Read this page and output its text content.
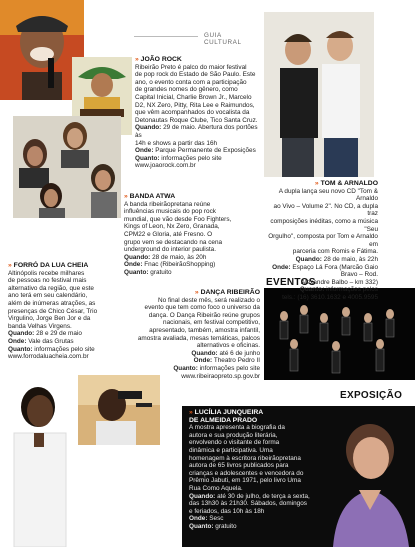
GUIA CULTURAL
» JOÃO ROCK
Ribeirão Preto é palco do maior festival
de pop rock do Estado de São Paulo. Este
ano, o evento conta com a participação
de grandes nomes do gênero, como
Capital Inicial, Charlie Brown Jr., Marcelo
D2, NX Zero, Pitty, Rita Lee e Raimundos,
que vêm acompanhados do vocalista da
Detonautas Roque Clube, Tico Santa Cruz.
Quando: 29 de maio. Abertura dos portões às
14h e shows a partir das 16h
Onde: Parque Permanente de Exposições
Quanto: informações pelo site
www.joaorock.com.br
» TOM & ARNALDO
A dupla lança seu novo CD "Tom & Arnaldo
ao Vivo – Volume 2". No CD, a dupla traz
composições inéditas, como a música "Seu
Orgulho", composta por Tom e Arnaldo em
parceria com Romis e Fátima.
Quando: 28 de maio, às 22h
Onde: Espaço Lá Fora (Marcão Gaio Bravo – Rod.
Alexandre Balbo – km 332)
Quanto: informações pelos
tels.: (16) 3610.1632 e 4005.9595
» BANDA ATWA
A banda ribeirãopretana reúne
influências musicais do pop rock
mundial, que vão desde Foo Fighters,
Kings of Leon, Nx Zero, Granada,
CPM22 e Gloria, até Fresno. O
grupo vem se destacando na cena
underground do interior paulista.
Quando: 28 de maio, às 20h
Onde: Fnac (RibeirãoShopping)
Quanto: gratuito
» FORRÓ DA LUA CHEIA
Altinópolis recebe milhares
de pessoas no festival mais
alternativo da região, que este
ano terá em seu calendário,
além de inúmeras atrações, as
presenças de Chico César, Trio
Virgulino, Jorge Ben Jor e da
banda Velhas Virgens.
Quando: 28 e 29 de maio
Onde: Vale das Grutas
Quanto: informações pelo site
www.forrodaluacheia.com.br
» DANÇA RIBEIRÃO
No final deste mês, será realizado o
evento que tem como foco o universo da
dança. O Dança Ribeirão reúne grupos
nacionais, em festival competitivo,
apresentado, também, amostra infantil,
amostra avaliada, mesas temáticas, palcos
alternativos e oficinas.
Quando: até 6 de junho
Onde: Theatro Pedro II
Quanto: informações pelo site
www.ribeiraopreto.sp.gov.br
EVENTOS
EXPOSIÇÃO
» LUCÍLIA JUNQUEIRA
DE ALMEIDA PRADO
A mostra apresenta a biografia da
autora e sua produção literária,
envolvendo o visitante de forma
dinâmica e participativa. Uma
homenagem à escritora ribeirãopretana
autora de 65 livros publicados para
crianças e adolescentes e vencedora do
Prêmio Jabuti, em 1971, pelo livro Uma
Rua Como Aquela.
Quando: até 30 de julho, de terça a sexta,
das 13h30 às 21h30. Sábados, domingos
e feriados, das 10h às 18h
Onde: Sesc
Quanto: gratuito
